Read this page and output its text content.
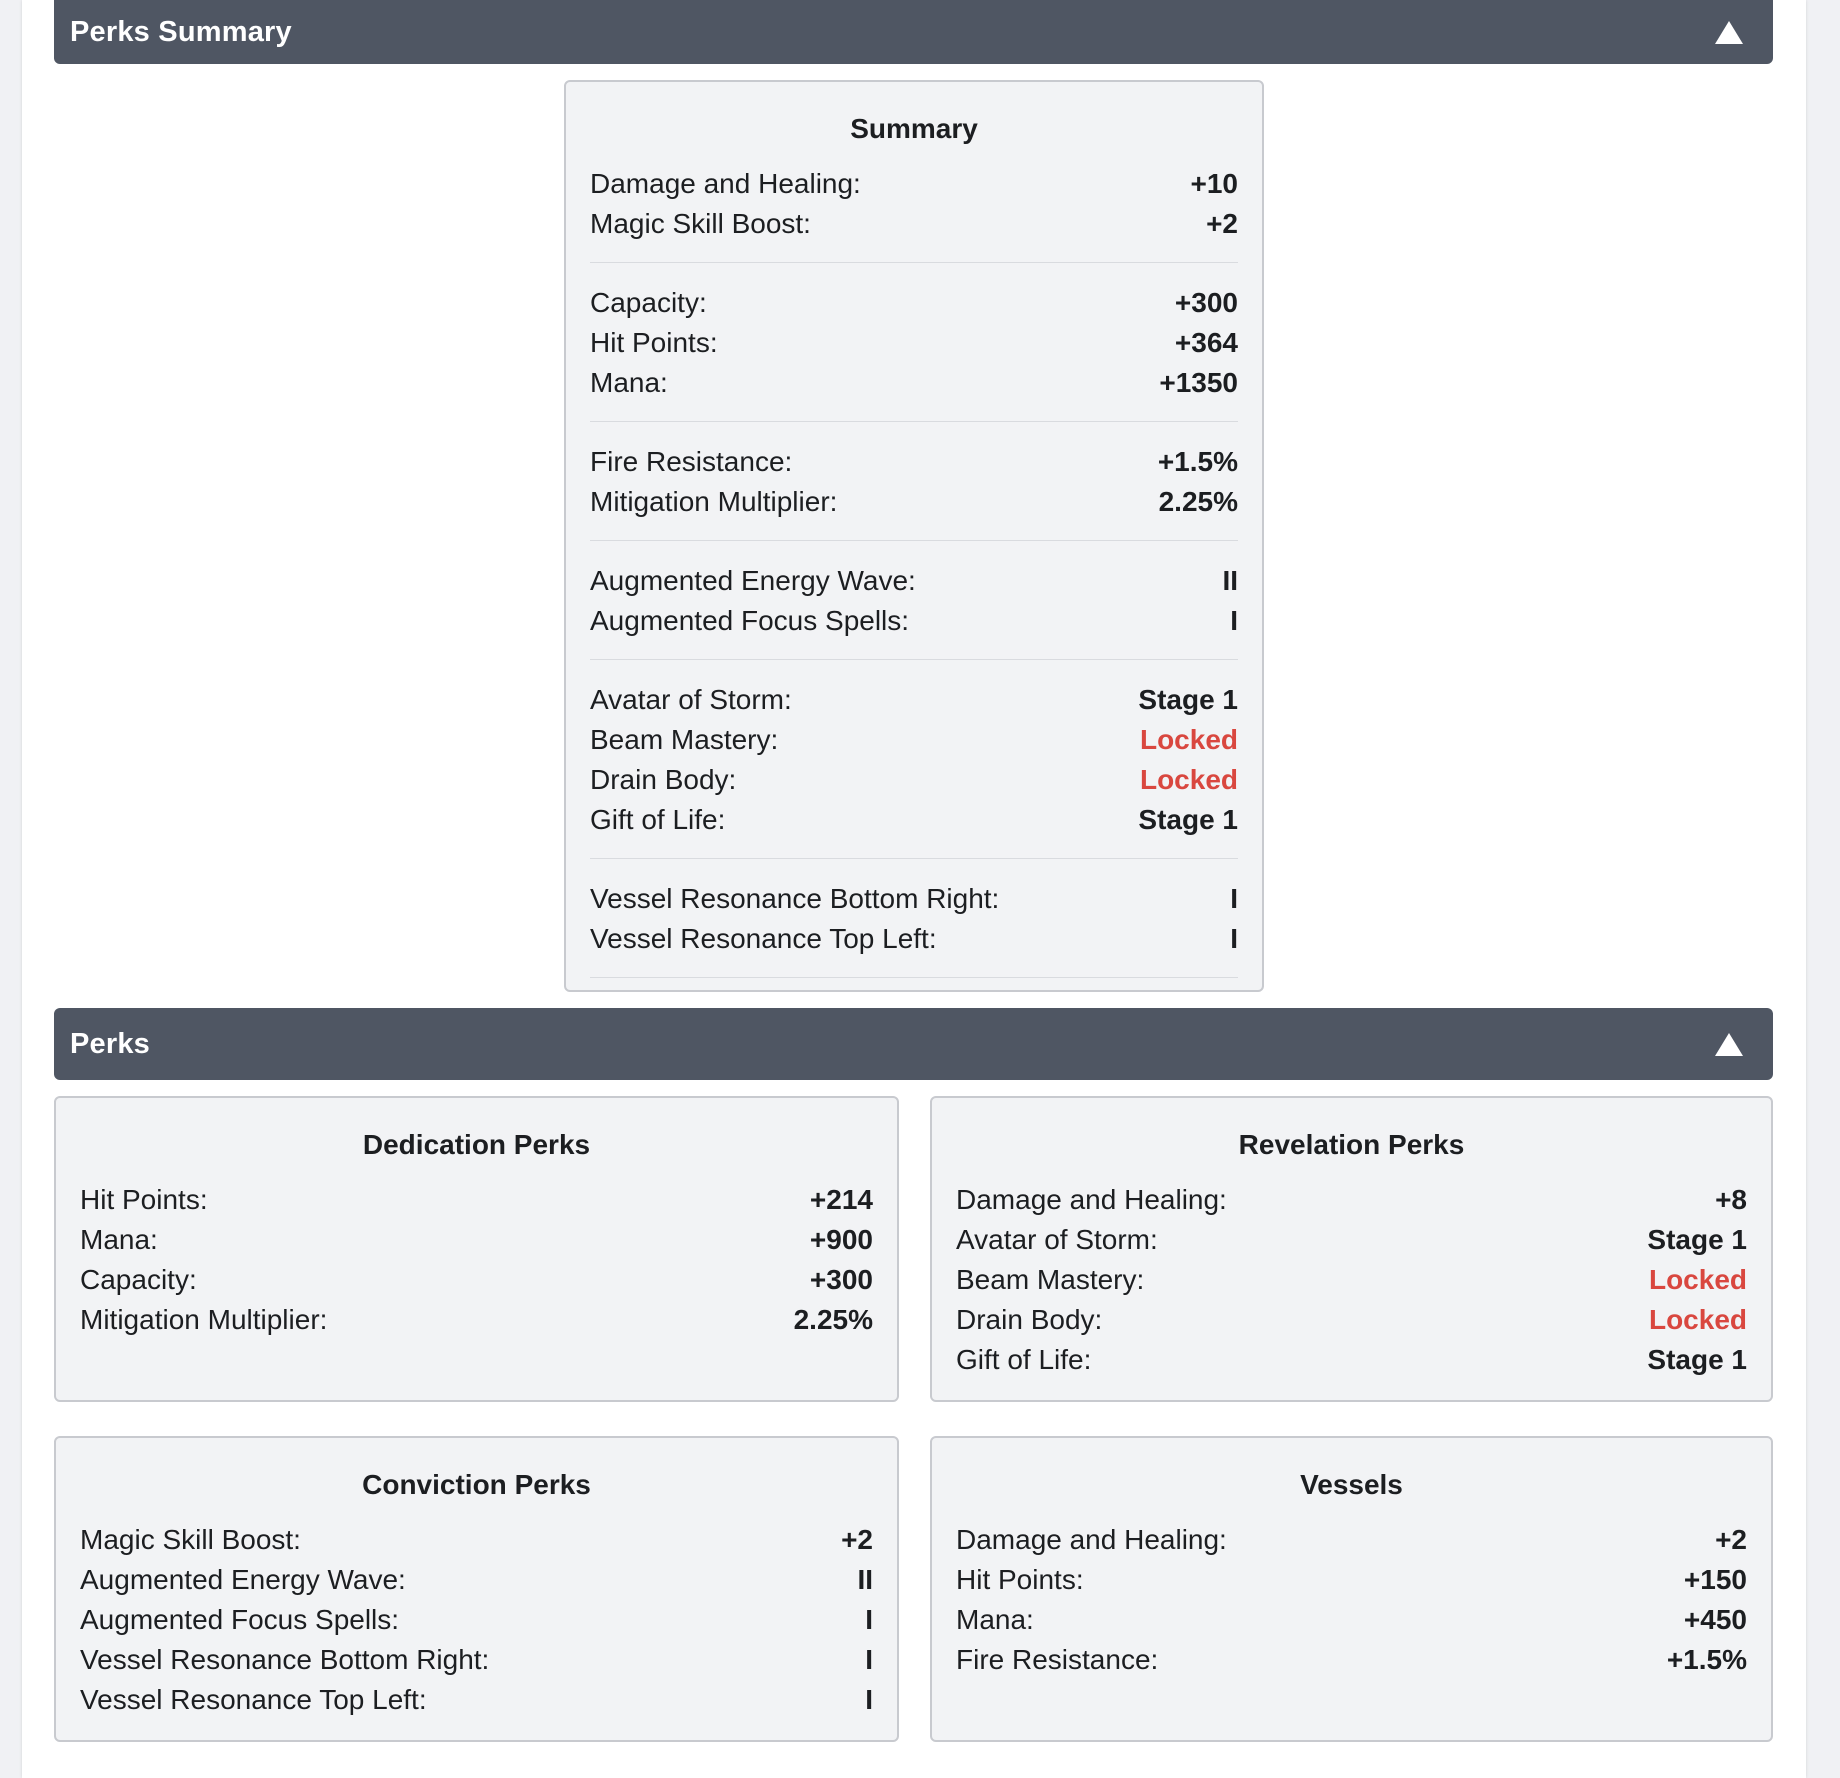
Perks Summary
Summary
Damage and Healing:	+10
Magic Skill Boost:	+2
Capacity:	+300
Hit Points:	+364
Mana:	+1350
Fire Resistance:	+1.5%
Mitigation Multiplier:	2.25%
Augmented Energy Wave:	II
Augmented Focus Spells:	I
Avatar of Storm:	Stage 1
Beam Mastery:	Locked
Drain Body:	Locked
Gift of Life:	Stage 1
Vessel Resonance Bottom Right:	I
Vessel Resonance Top Left:	I
Perks
Dedication Perks
Hit Points:	+214
Mana:	+900
Capacity:	+300
Mitigation Multiplier:	2.25%
Revelation Perks
Damage and Healing:	+8
Avatar of Storm:	Stage 1
Beam Mastery:	Locked
Drain Body:	Locked
Gift of Life:	Stage 1
Conviction Perks
Magic Skill Boost:	+2
Augmented Energy Wave:	II
Augmented Focus Spells:	I
Vessel Resonance Bottom Right:	I
Vessel Resonance Top Left:	I
Vessels
Damage and Healing:	+2
Hit Points:	+150
Mana:	+450
Fire Resistance:	+1.5%
